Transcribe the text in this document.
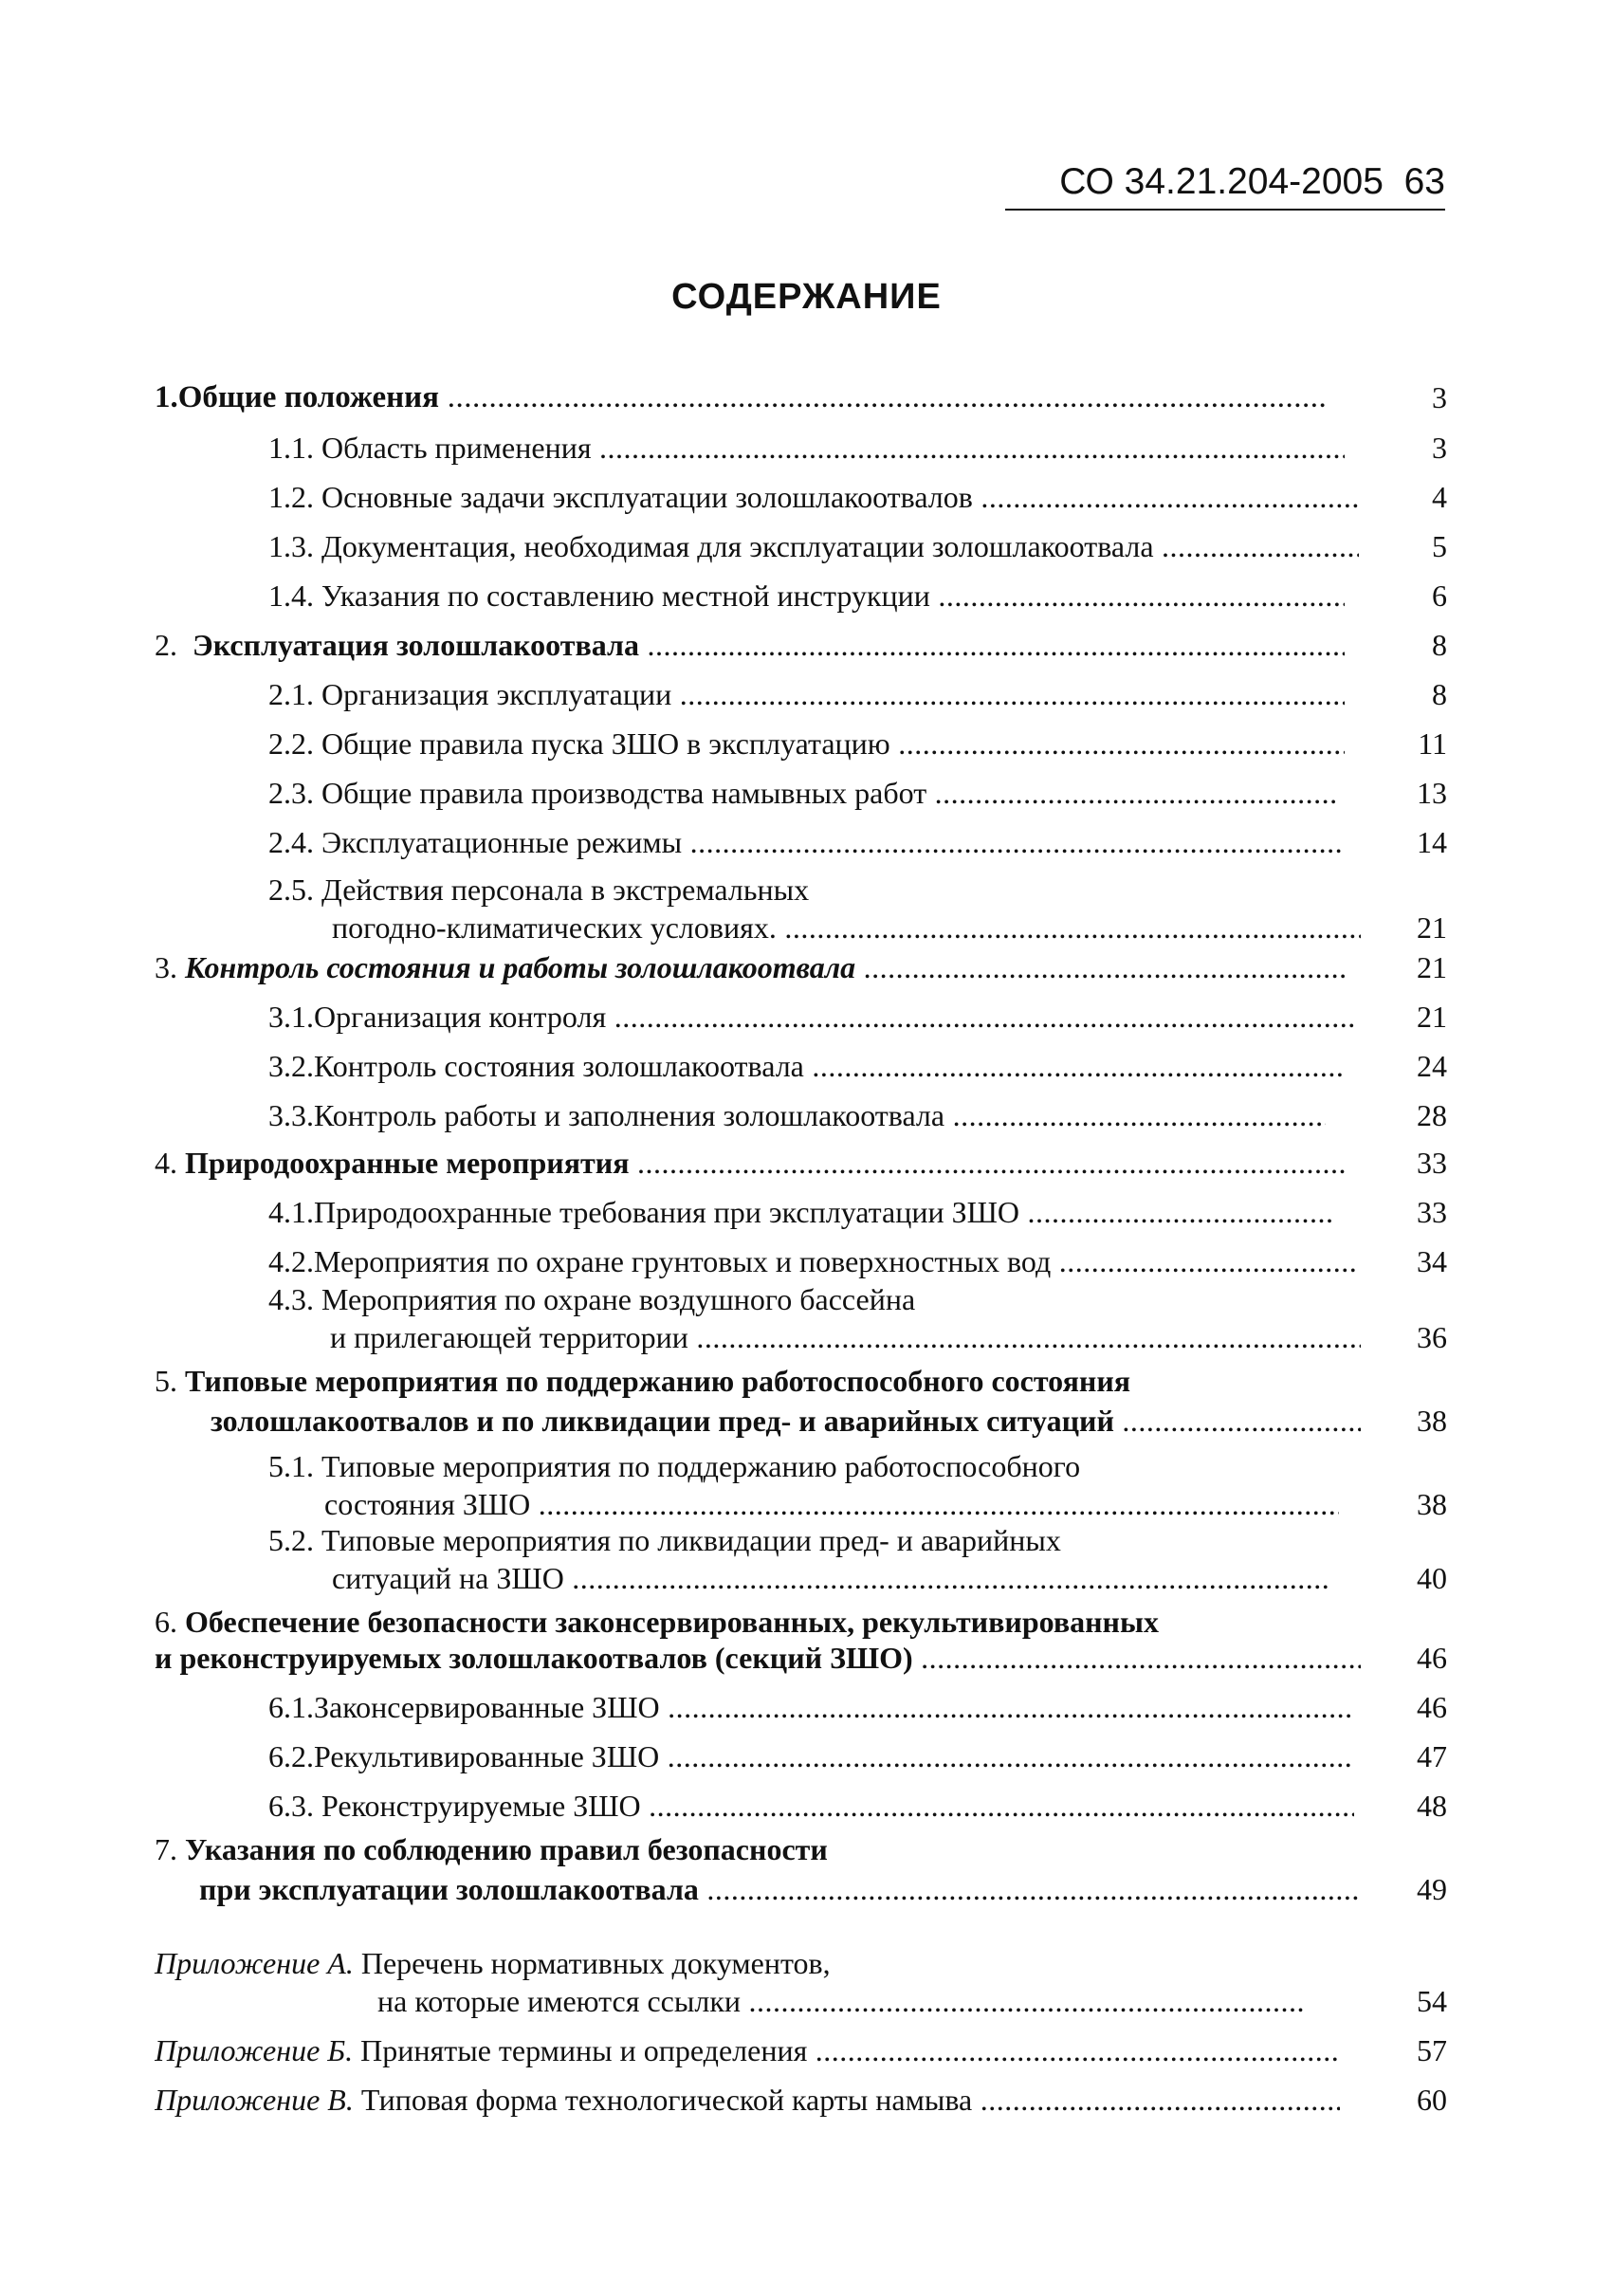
СО 34.21.204-2005 63
СОДЕРЖАНИЕ
1.Общие положения .....	3
1.1. Область применения .....	3
1.2. Основные задачи эксплуатации золошлакоотвалов .....	4
1.3. Документация, необходимая для эксплуатации золошлакоотвала .....	5
1.4. Указания по составлению местной инструкции .....	6
2. Эксплуатация золошлакоотвала .....	8
2.1. Организация эксплуатации .....	8
2.2. Общие правила пуска ЗШО в эксплуатацию .....	11
2.3. Общие правила производства намывных работ .....	13
2.4. Эксплуатационные режимы .....	14
2.5. Действия персонала в экстремальных
погодно-климатических условиях. .....	21
3. Контроль состояния и работы золошлакоотвала .....	21
3.1.Организация контроля .....	21
3.2.Контроль состояния золошлакоотвала .....	24
3.3.Контроль работы и заполнения золошлакоотвала .....	28
4. Природоохранные мероприятия .....	33
4.1.Природоохранные требования при эксплуатации ЗШО .....	33
4.2.Мероприятия по охране грунтовых и поверхностных вод .....	34
4.3. Мероприятия по охране воздушного бассейна
и прилегающей территории .....	36
5. Типовые мероприятия по поддержанию работоспособного состояния
золошлакоотвалов и по ликвидации пред- и аварийных ситуаций .....	38
5.1. Типовые мероприятия по поддержанию работоспособного
состояния ЗШО .....	38
5.2. Типовые мероприятия по ликвидации пред- и аварийных
ситуаций на ЗШО .....	40
6. Обеспечение безопасности законсервированных, рекультивированных
и реконструируемых золошлакоотвалов (секций ЗШО) .....	46
6.1.Законсервированные ЗШО .....	46
6.2.Рекультивированные ЗШО .....	47
6.3. Реконструируемые ЗШО .....	48
7. Указания по соблюдению правил безопасности
при эксплуатации золошлакоотвала .....	49
Приложение А. Перечень нормативных документов,
на которые имеются ссылки .....	54
Приложение Б. Принятые термины и определения .....	57
Приложение В. Типовая форма технологической карты намыва .....	60
